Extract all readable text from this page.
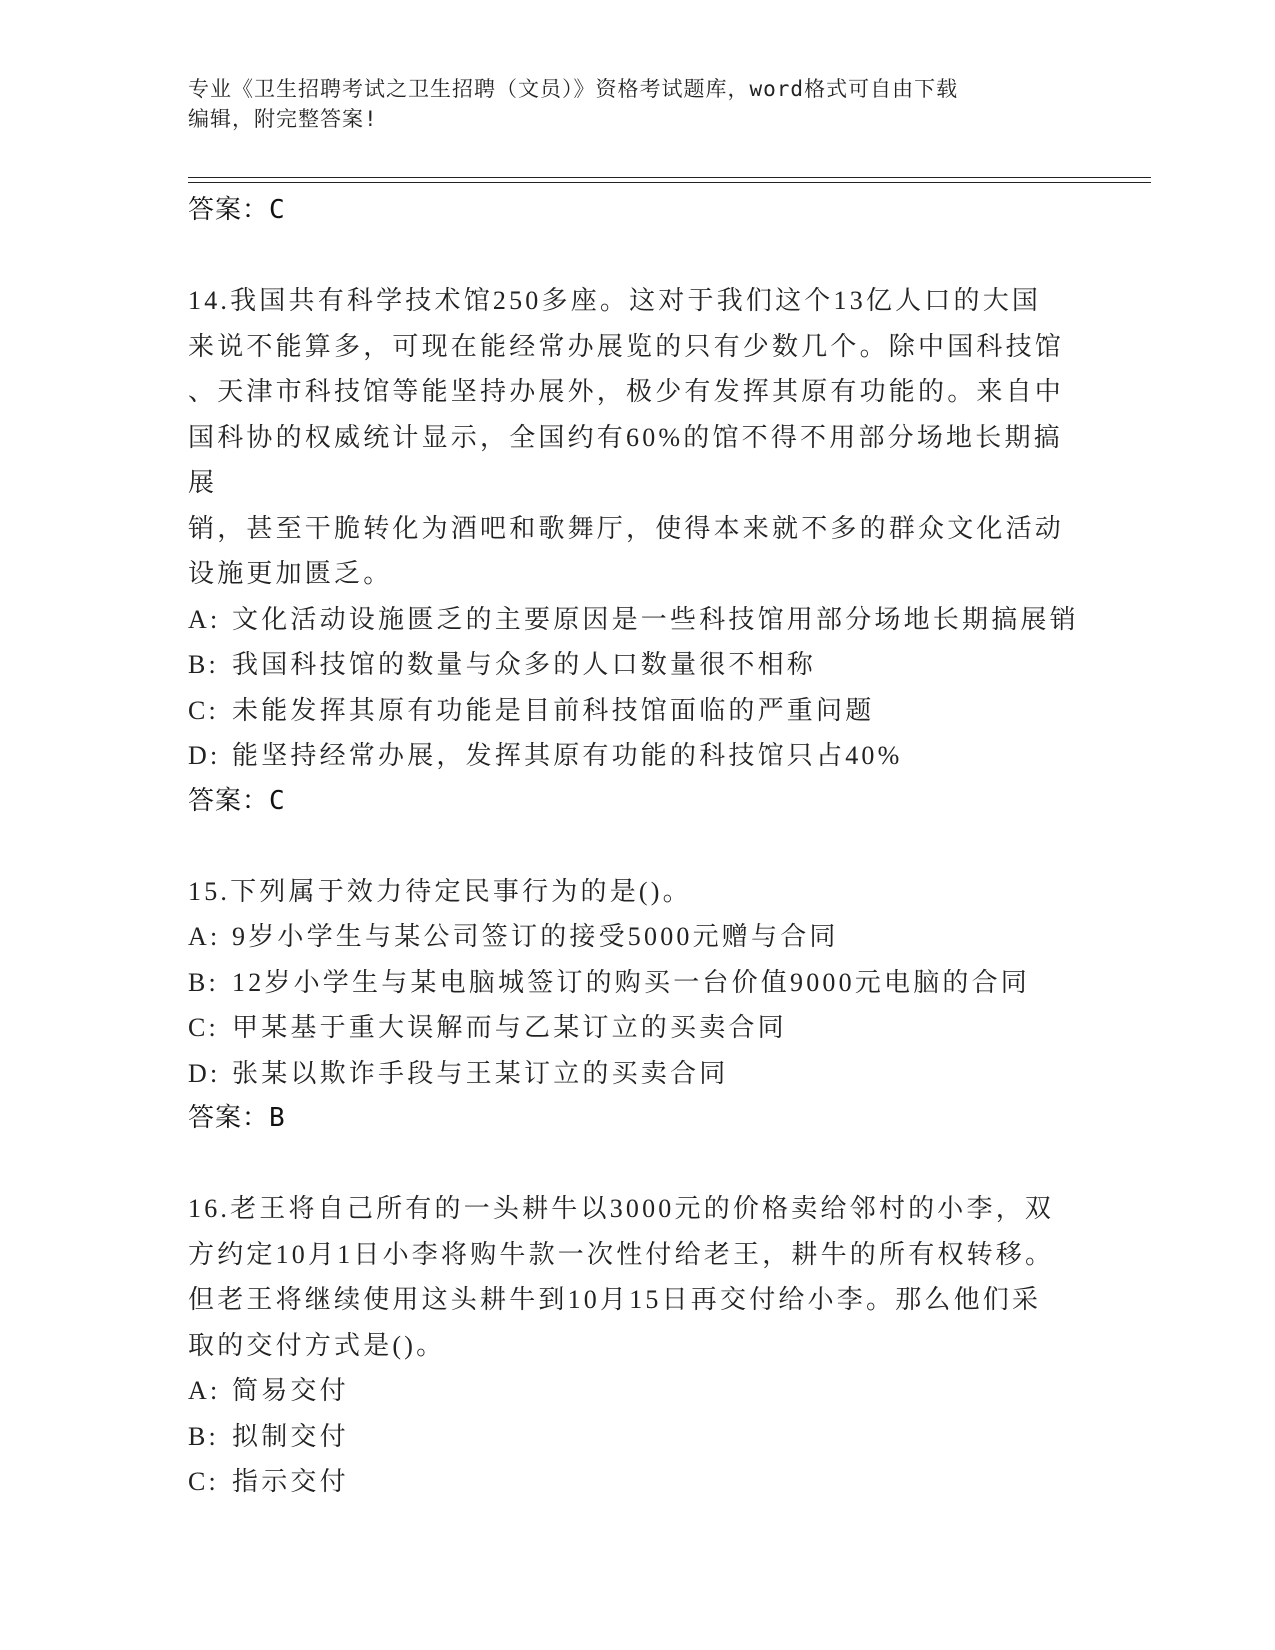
专业《卫生招聘考试之卫生招聘（文员）》资格考试题库，word格式可自由下载
编辑，附完整答案!
答案：C
14.我国共有科学技术馆250多座。这对于我们这个13亿人口的大国
来说不能算多，可现在能经常办展览的只有少数几个。除中国科技馆
、天津市科技馆等能坚持办展外，极少有发挥其原有功能的。来自中
国科协的权威统计显示，全国约有60%的馆不得不用部分场地长期搞展
销，甚至干脆转化为酒吧和歌舞厅，使得本来就不多的群众文化活动
设施更加匮乏。
A: 文化活动设施匮乏的主要原因是一些科技馆用部分场地长期搞展销
B: 我国科技馆的数量与众多的人口数量很不相称
C: 未能发挥其原有功能是目前科技馆面临的严重问题
D: 能坚持经常办展，发挥其原有功能的科技馆只占40%
答案：C
15.下列属于效力待定民事行为的是()。
A: 9岁小学生与某公司签订的接受5000元赠与合同
B: 12岁小学生与某电脑城签订的购买一台价值9000元电脑的合同
C: 甲某基于重大误解而与乙某订立的买卖合同
D: 张某以欺诈手段与王某订立的买卖合同
答案：B
16.老王将自己所有的一头耕牛以3000元的价格卖给邻村的小李，双
方约定10月1日小李将购牛款一次性付给老王，耕牛的所有权转移。
但老王将继续使用这头耕牛到10月15日再交付给小李。那么他们采
取的交付方式是()。
A: 简易交付
B: 拟制交付
C: 指示交付
